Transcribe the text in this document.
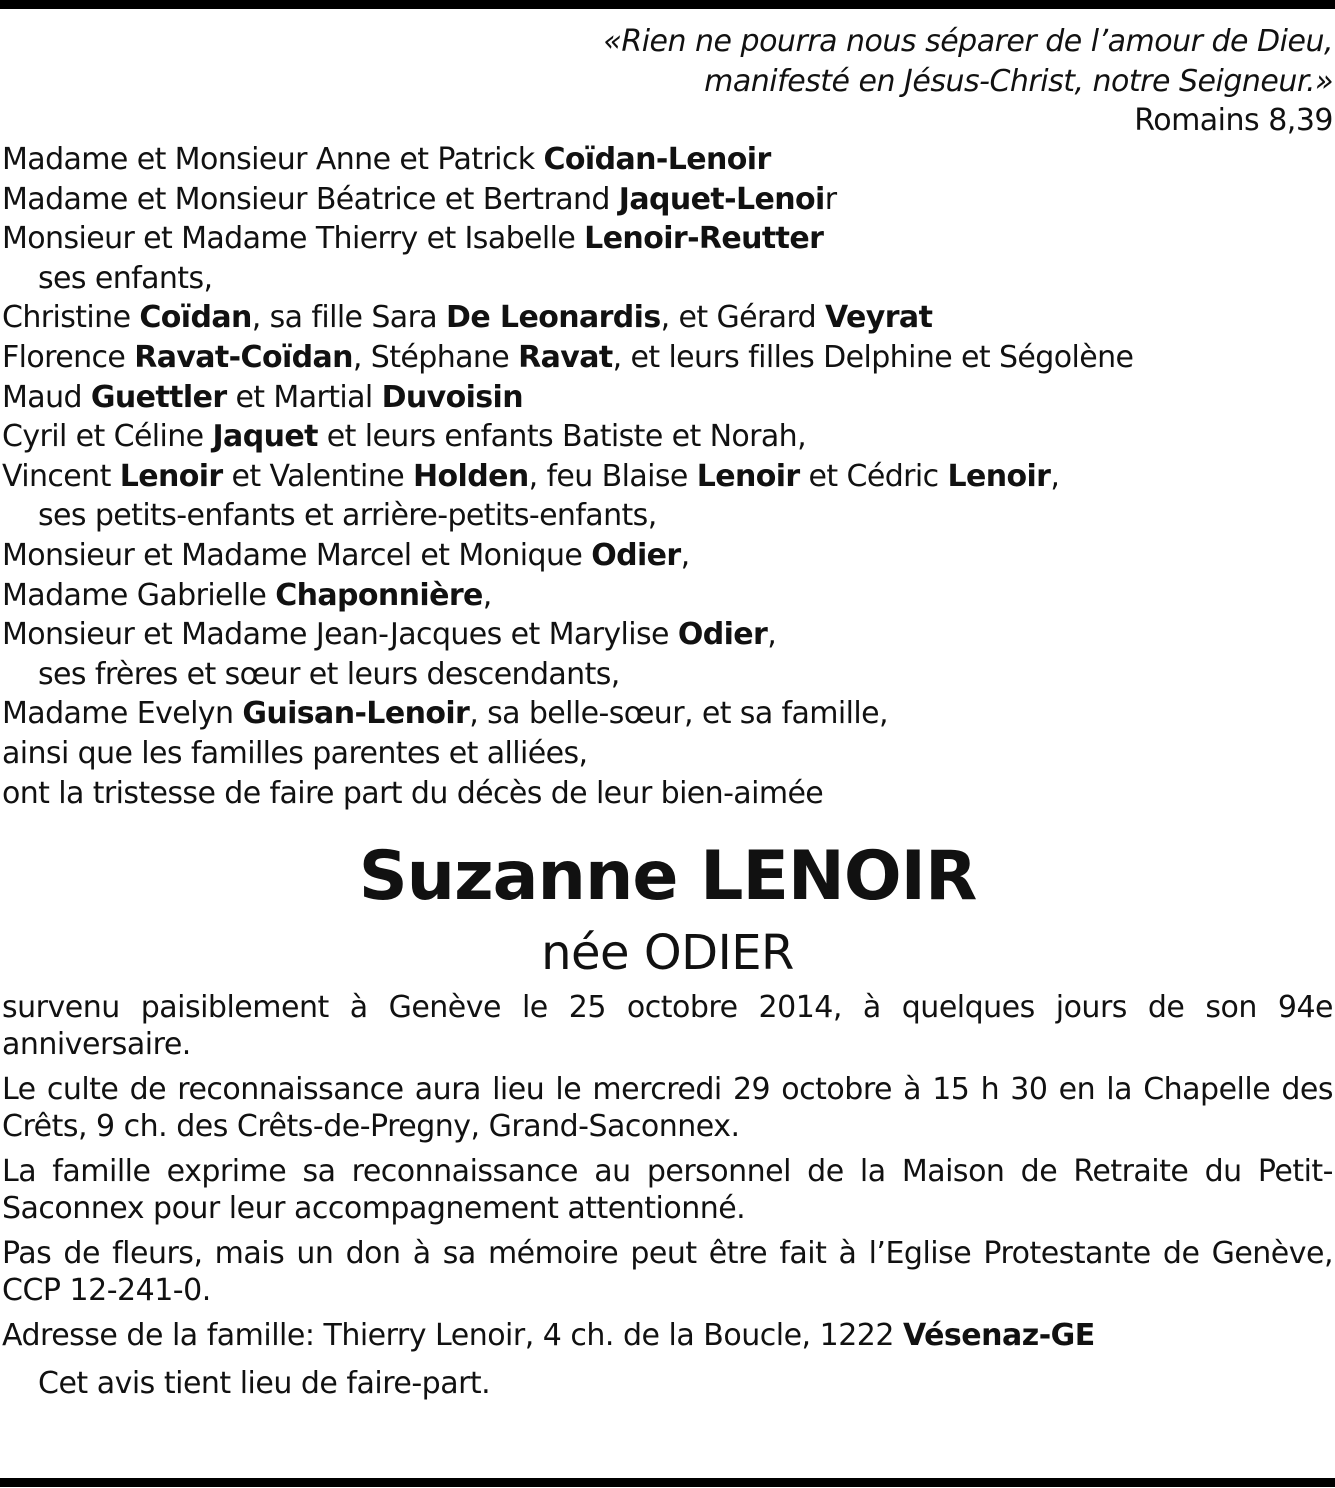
«Rien ne pourra nous séparer de l’amour de Dieu,
manifesté en Jésus-Christ, notre Seigneur.»
Romains 8,39
Madame et Monsieur Anne et Patrick Coïdan-Lenoir
Madame et Monsieur Béatrice et Bertrand Jaquet-Lenoir
Monsieur et Madame Thierry et Isabelle Lenoir-Reutter
ses enfants,
Christine Coïdan, sa fille Sara De Leonardis, et Gérard Veyrat
Florence Ravat-Coïdan, Stéphane Ravat, et leurs filles Delphine et Ségolène
Maud Guettler et Martial Duvoisin
Cyril et Céline Jaquet et leurs enfants Batiste et Norah,
Vincent Lenoir et Valentine Holden, feu Blaise Lenoir et Cédric Lenoir,
ses petits-enfants et arrière-petits-enfants,
Monsieur et Madame Marcel et Monique Odier,
Madame Gabrielle Chaponnière,
Monsieur et Madame Jean-Jacques et Marylise Odier,
ses frères et sœur et leurs descendants,
Madame Evelyn Guisan-Lenoir, sa belle-sœur, et sa famille,
ainsi que les familles parentes et alliées,
ont la tristesse de faire part du décès de leur bien-aimée
Suzanne LENOIR
née ODIER
survenu paisiblement à Genève le 25 octobre 2014, à quelques jours de son 94e anniversaire.
Le culte de reconnaissance aura lieu le mercredi 29 octobre à 15 h 30 en la Chapelle des Crêts, 9 ch. des Crêts-de-Pregny, Grand-Saconnex.
La famille exprime sa reconnaissance au personnel de la Maison de Retraite du Petit-Saconnex pour leur accompagnement attentionné.
Pas de fleurs, mais un don à sa mémoire peut être fait à l’Eglise Protestante de Genève, CCP 12-241-0.
Adresse de la famille: Thierry Lenoir, 4 ch. de la Boucle, 1222 Vésenaz-GE
Cet avis tient lieu de faire-part.
